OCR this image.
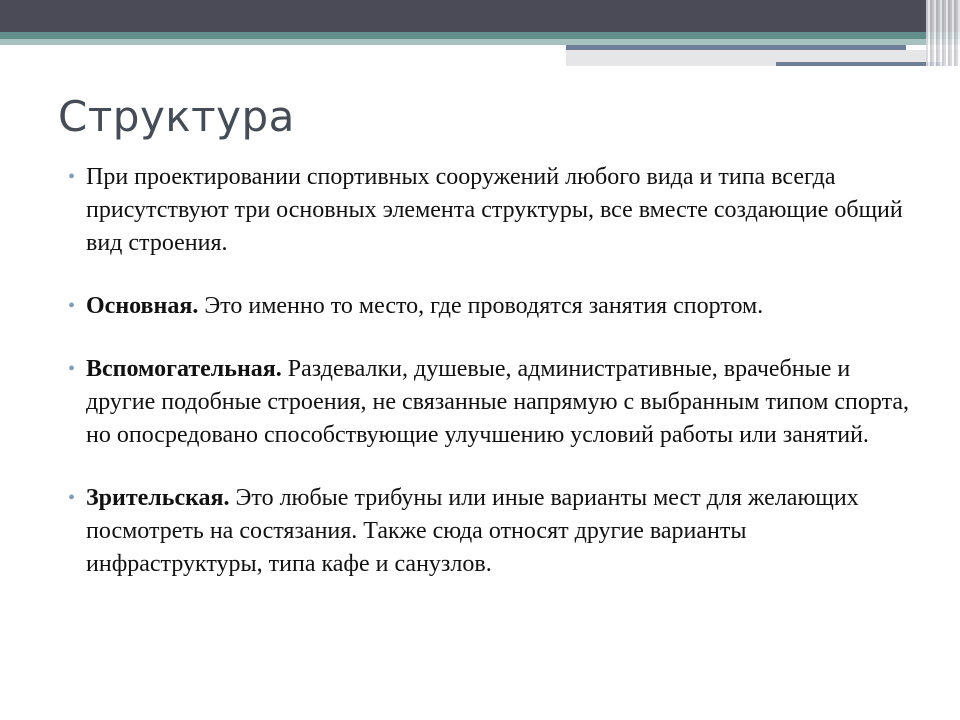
Структура
• При проектировании спортивных сооружений любого вида и типа всегда присутствуют три основных элемента структуры, все вместе создающие общий вид строения.
• Основная. Это именно то место, где проводятся занятия спортом.
• Вспомогательная. Раздевалки, душевые, административные, врачебные и другие подобные строения, не связанные напрямую с выбранным типом спорта, но опосредовано способствующие улучшению условий работы или занятий.
• Зрительская. Это любые трибуны или иные варианты мест для желающих посмотреть на состязания. Также сюда относят другие варианты инфраструктуры, типа кафе и санузлов.
